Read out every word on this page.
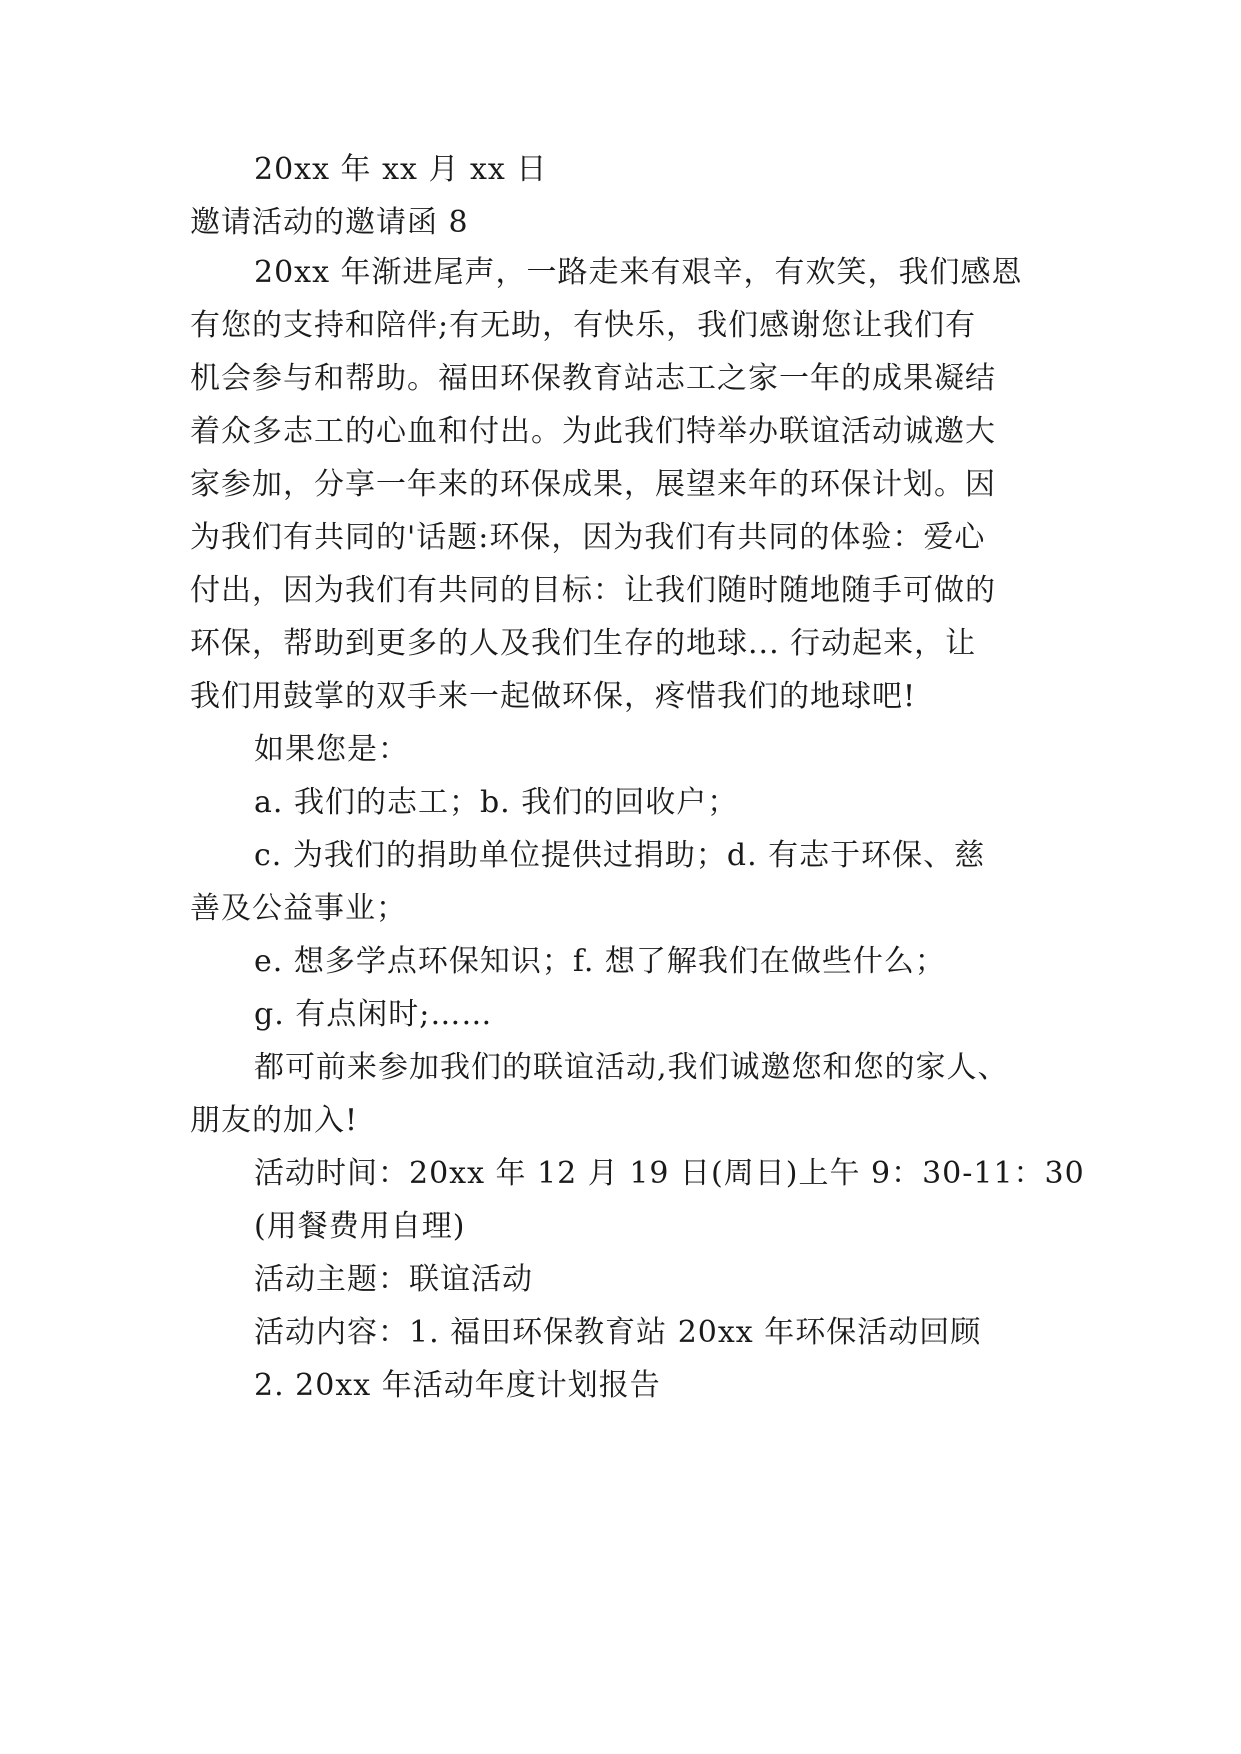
20xx 年 xx 月 xx 日
邀请活动的邀请函 8
20xx 年渐进尾声，一路走来有艰辛，有欢笑，我们感恩
有您的支持和陪伴;有无助，有快乐，我们感谢您让我们有
机会参与和帮助。福田环保教育站志工之家一年的成果凝结
着众多志工的心血和付出。为此我们特举办联谊活动诚邀大
家参加，分享一年来的环保成果，展望来年的环保计划。因
为我们有共同的'话题:环保，因为我们有共同的体验：爱心
付出，因为我们有共同的目标：让我们随时随地随手可做的
环保，帮助到更多的人及我们生存的地球... 行动起来，让
我们用鼓掌的双手来一起做环保，疼惜我们的地球吧!
如果您是：
a. 我们的志工；b. 我们的回收户；
c. 为我们的捐助单位提供过捐助；d. 有志于环保、慈
善及公益事业；
e. 想多学点环保知识；f. 想了解我们在做些什么；
g. 有点闲时;……
都可前来参加我们的联谊活动,我们诚邀您和您的家人、
朋友的加入!
活动时间：20xx 年 12 月 19 日(周日)上午 9：30-11：30
(用餐费用自理)
活动主题：联谊活动
活动内容：1. 福田环保教育站 20xx 年环保活动回顾
2. 20xx 年活动年度计划报告
